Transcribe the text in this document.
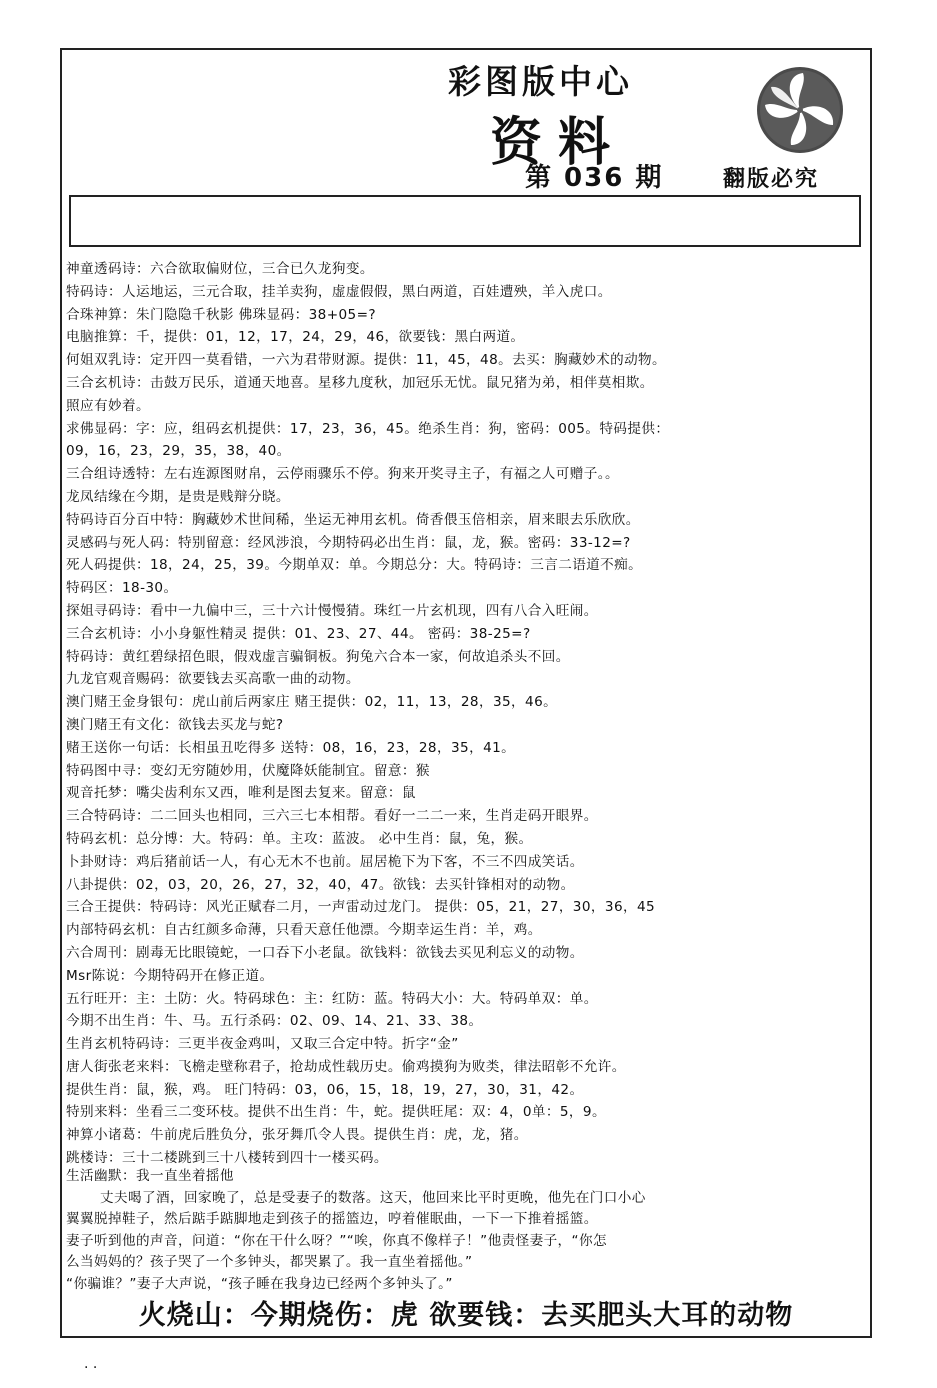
彩图版中心
资料
第 036 期	翻版必究
神童透码诗：六合欲取偏财位，三合已久龙狗变。
特码诗：人运地运，三元合取，挂羊卖狗，虚虚假假，黑白两道，百娃遭殃，羊入虎口。
合珠神算：朱门隐隐千秋影 佛珠显码：38+05=?
电脑推算：千，提供：01，12，17，24，29，46，欲要钱：黑白两道。
何姐双乳诗：定开四一莫看错，一六为君带财源。提供：11，45，48。去买：胸藏妙术的动物。
三合玄机诗：击鼓万民乐，道通天地喜。星移九度秋，加冠乐无忧。鼠兄猪为弟，相伴莫相欺。
照应有妙着。
求佛显码：字：应，组码玄机提供：17，23，36，45。绝杀生肖：狗，密码：005。特码提供：
09，16，23，29，35，38，40。
三合组诗透特：左右连源图财帛，云停雨骤乐不停。狗来开奖寻主子，有福之人可赠子。。
龙凤结缘在今期，是贵是贱辩分晓。
特码诗百分百中特：胸藏妙术世间稀，坐运无神用玄机。倚香偎玉倍相亲，眉来眼去乐欣欣。
灵感码与死人码：特别留意：经风涉浪，今期特码必出生肖：鼠，龙，猴。密码：33-12=?
死人码提供：18，24，25，39。今期单双：单。今期总分：大。特码诗：三言二语道不痴。
特码区：18-30。
探姐寻码诗：看中一九偏中三，三十六计慢慢猜。珠红一片玄机现，四有八合入旺闹。
三合玄机诗：小小身躯性精灵 提供：01、23、27、44。 密码：38-25=?
特码诗：黄红碧绿招色眼，假戏虚言骗铜板。狗兔六合本一家，何故追杀头不回。
九龙官观音赐码：欲要钱去买高歌一曲的动物。
澳门赌王金身银句：虎山前后两家庄 赌王提供：02，11，13，28，35，46。
澳门赌王有文化：欲钱去买龙与蛇?
赌王送你一句话：长相虽丑吃得多 送特：08，16，23，28，35，41。
特码图中寻：变幻无穷随妙用，伏魔降妖能制宜。留意：猴
观音托梦：嘴尖齿利东又西，唯利是图去复来。留意：鼠
三合特码诗：二二回头也相同，三六三七本相帮。看好一二二一来，生肖走码开眼界。
特码玄机：总分博：大。特码：单。主攻：蓝波。 必中生肖：鼠，兔，猴。
卜卦财诗：鸡后猪前话一人，有心无木不也前。屈居桅下为下客，不三不四成笑话。
八卦提供：02，03，20，26，27，32，40，47。欲钱：去买针锋相对的动物。
三合王提供：特码诗：风光正赋春二月，一声雷动过龙门。 提供：05，21，27，30，36，45
内部特码玄机：自古红颜多命薄，只看天意任他漂。今期幸运生肖：羊，鸡。
六合周刊：剧毒无比眼镜蛇，一口吞下小老鼠。欲钱料：欲钱去买见利忘义的动物。
Msr陈说：今期特码开在修正道。
五行旺开：主：土防：火。特码球色：主：红防：蓝。特码大小：大。特码单双：单。
今期不出生肖：牛、马。五行杀码：02、09、14、21、33、38。
生肖玄机特码诗：三更半夜金鸡叫，又取三合定中特。折字“金”
唐人街张老来料：飞檐走壁称君子，抢劫成性载历史。偷鸡摸狗为败类，律法昭彰不允许。
提供生肖：鼠，猴，鸡。 旺门特码：03，06，15，18，19，27，30，31，42。
特别来料：坐看三二变环枝。提供不出生肖：牛，蛇。提供旺尾：双：4，0单：5，9。
神算小诸葛：牛前虎后胜负分，张牙舞爪令人畏。提供生肖：虎，龙，猪。
跳楼诗：三十二楼跳到三十八楼转到四十一楼买码。
生活幽默：我一直坐着摇他
丈夫喝了酒，回家晚了，总是受妻子的数落。这天，他回来比平时更晚，他先在门口小心
翼翼脱掉鞋子，然后踮手踮脚地走到孩子的摇篮边，哼着催眠曲，一下一下推着摇篮。
妻子听到他的声音，问道：“你在干什么呀？”“唉，你真不像样子！”他责怪妻子，“你怎
么当妈妈的？孩子哭了一个多钟头，都哭累了。我一直坐着摇他。”
“你骗谁？”妻子大声说，“孩子睡在我身边已经两个多钟头了。”
火烧山：今期烧伤：虎 欲要钱：去买肥头大耳的动物
. .
